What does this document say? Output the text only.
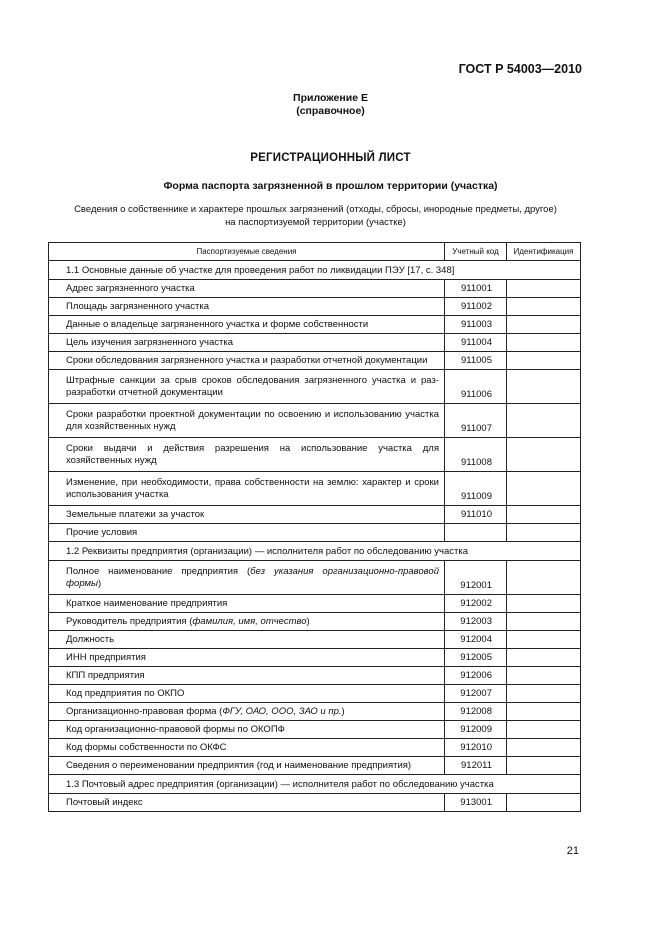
ГОСТ Р 54003—2010
Приложение Е
(справочное)
РЕГИСТРАЦИОННЫЙ ЛИСТ
Форма паспорта загрязненной в прошлом территории (участка)
Сведения о собственнике и характере прошлых загрязнений (отходы, сбросы, инородные предметы, другое)
на паспортизуемой территории (участке)
Паспортизуемые сведения	Учетный код	Идентификация
1.1 Основные данные об участке для проведения работ по ликвидации ПЭУ [17, с. 348]		
Адрес загрязненного участка	911001	
Площадь загрязненного участка	911002	
Данные о владельце загрязненного участка и форме собственности	911003	
Цель изучения загрязненного участка	911004	
Сроки обследования загрязненного участка и разработки отчетной документации	911005	
Штрафные санкции за срыв сроков обследования загрязненного участка и раз-разработки отчетной документации	911006	
Сроки разработки проектной документации по освоению и использованию участка для хозяйственных нужд	911007	
Сроки выдачи и действия разрешения на использование участка для хозяйственных нужд	911008	
Изменение, при необходимости, права собственности на землю: характер и сроки использования участка	911009	
Земельные платежи за участок	911010	
Прочие условия		
1.2 Реквизиты предприятия (организации) — исполнителя работ по обследованию участка		
Полное наименование предприятия (без указания организационно-правовой формы)	912001	
Краткое наименование предприятия	912002	
Руководитель предприятия (фамилия, имя, отчество)	912003	
Должность	912004	
ИНН предприятия	912005	
КПП предприятия	912006	
Код предприятия по ОКПО	912007	
Организационно-правовая форма (ФГУ, ОАО, ООО, ЗАО и пр.)	912008	
Код организационно-правовой формы по ОКОПФ	912009	
Код формы собственности по ОКФС	912010	
Сведения о переименовании предприятия (год и наименование предприятия)	912011	
1.3 Почтовый адрес предприятия (организации) — исполнителя работ по обследованию участка		
Почтовый индекс	913001	
21
